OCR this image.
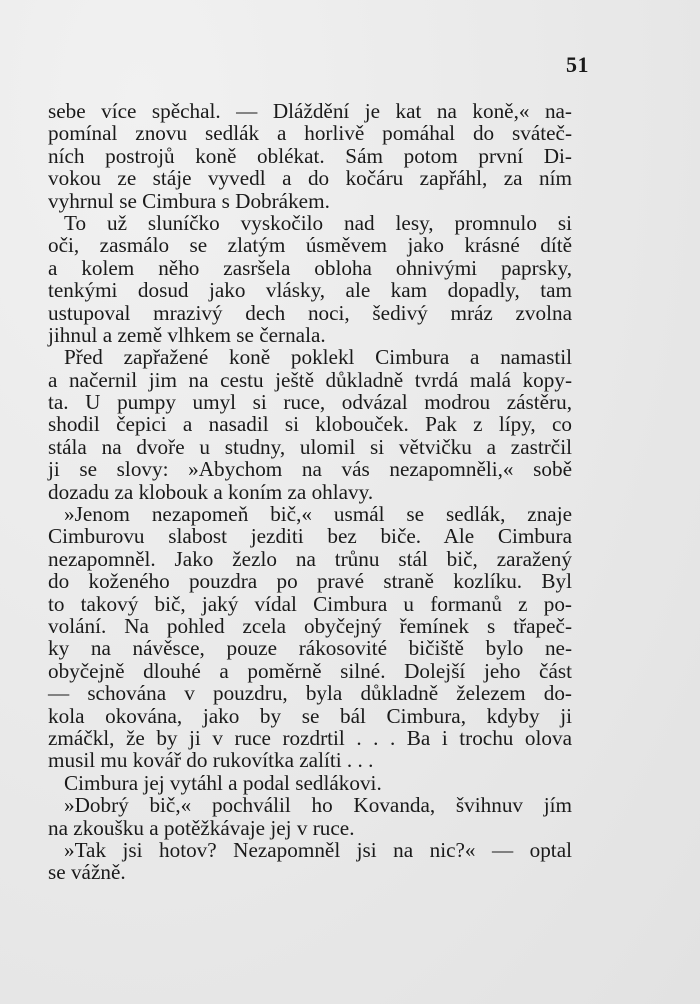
51
sebe více spěchal. — Dláždění je kat na koně,« na-
pomínal znovu sedlák a horlivě pomáhal do sváteč-
ních postrojů koně oblékat. Sám potom první Di-
vokou ze stáje vyvedl a do kočáru zapřáhl, za ním
vyhrnul se Cimbura s Dobrákem.
To už sluníčko vyskočilo nad lesy, promnulo si
oči, zasmálo se zlatým úsměvem jako krásné dítě
a kolem něho zasršela obloha ohnivými paprsky,
tenkými dosud jako vlásky, ale kam dopadly, tam
ustupoval mrazivý dech noci, šedivý mráz zvolna
jihnul a země vlhkem se černala.
Před zapřažené koně poklekl Cimbura a namastil
a načernil jim na cestu ještě důkladně tvrdá malá kopy-
ta. U pumpy umyl si ruce, odvázal modrou zástěru,
shodil čepici a nasadil si klobouček. Pak z lípy, co
stála na dvoře u studny, ulomil si větvičku a zastrčil
ji se slovy: »Abychom na vás nezapomněli,« sobě
dozadu za klobouk a koním za ohlavy.
»Jenom nezapomeň bič,« usmál se sedlák, znaje
Cimburovu slabost jezditi bez biče. Ale Cimbura
nezapomněl. Jako žezlo na trůnu stál bič, zaražený
do koženého pouzdra po pravé straně kozlíku. Byl
to takový bič, jaký vídal Cimbura u formanů z po-
volání. Na pohled zcela obyčejný řemínek s třapeč-
ky na návěsce, pouze rákosovité bičiště bylo ne-
obyčejně dlouhé a poměrně silné. Dolejší jeho část
— schována v pouzdru, byla důkladně železem do-
kola okována, jako by se bál Cimbura, kdyby ji
zmáčkl, že by ji v ruce rozdrtil . . . Ba i trochu olova
musil mu kovář do rukovítka zalíti . . .
Cimbura jej vytáhl a podal sedlákovi.
»Dobrý bič,« pochválil ho Kovanda, švihnuv jím
na zkoušku a potěžkávaje jej v ruce.
»Tak jsi hotov? Nezapomněl jsi na nic?« — optal
se vážně.
